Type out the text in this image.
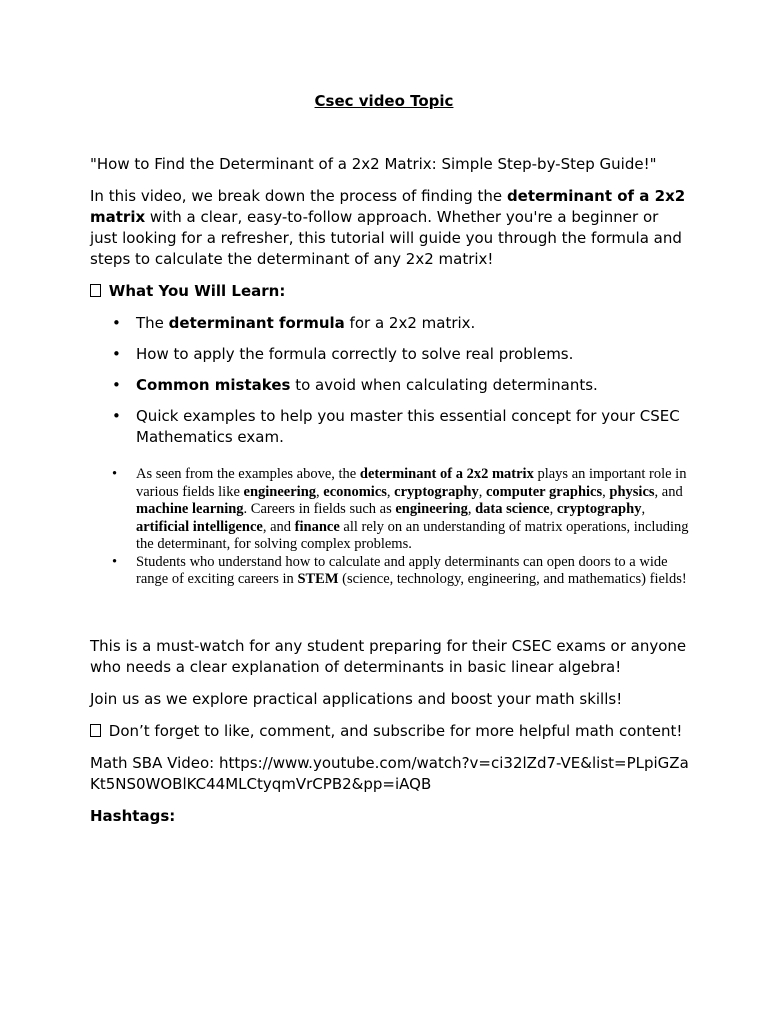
Csec video Topic

"How to Find the Determinant of a 2x2 Matrix: Simple Step-by-Step Guide!"

In this video, we break down the process of finding the determinant of a 2x2 matrix with a clear, easy-to-follow approach. Whether you're a beginner or just looking for a refresher, this tutorial will guide you through the formula and steps to calculate the determinant of any 2x2 matrix!

What You Will Learn:

• The determinant formula for a 2x2 matrix.
• How to apply the formula correctly to solve real problems.
• Common mistakes to avoid when calculating determinants.
• Quick examples to help you master this essential concept for your CSEC Mathematics exam.
• As seen from the examples above, the determinant of a 2x2 matrix plays an important role in various fields like engineering, economics, cryptography, computer graphics, physics, and machine learning. Careers in fields such as engineering, data science, cryptography, artificial intelligence, and finance all rely on an understanding of matrix operations, including the determinant, for solving complex problems.
• Students who understand how to calculate and apply determinants can open doors to a wide range of exciting careers in STEM (science, technology, engineering, and mathematics) fields!

This is a must-watch for any student preparing for their CSEC exams or anyone who needs a clear explanation of determinants in basic linear algebra!

Join us as we explore practical applications and boost your math skills!

Don’t forget to like, comment, and subscribe for more helpful math content!

Math SBA Video: https://www.youtube.com/watch?v=ci32lZd7-VE&list=PLpiGZaKt5NS0WOBlKC44MLCtyqmVrCPB2&pp=iAQB

Hashtags:
